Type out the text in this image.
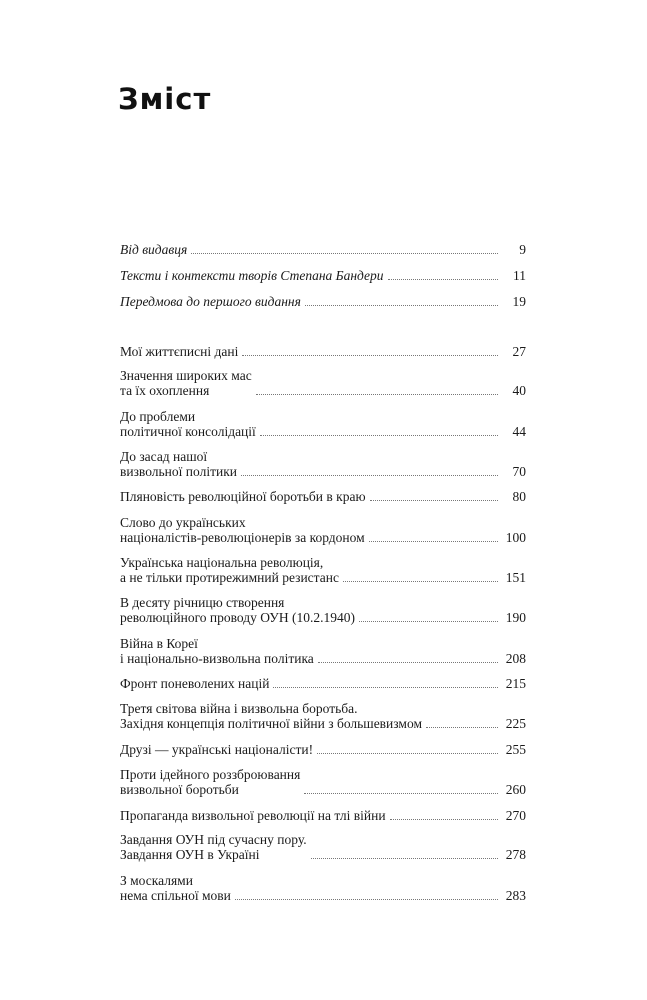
Зміст
Від видавця	9
Тексти і контексти творів Степана Бандери	11
Передмова до першого видання	19
Мої життєписні дані	27
Значення широких мас
та їх охоплення	40
До проблеми
політичної консолідації	44
До засад нашої
визвольної політики	70
Пляновість революційної боротьби в краю	80
Слово до українських
націоналістів-революціонерів за кордоном	100
Українська національна революція,
а не тільки протирежимний резистанс	151
В десяту річницю створення
революційного проводу ОУН (10.2.1940)	190
Війна в Кореї
і національно-визвольна політика	208
Фронт поневолених націй	215
Третя світова війна і визвольна боротьба.
Західня концепція політичної війни з большевизмом	225
Друзі — українські націоналісти!	255
Проти ідейного роззброювання
визвольної боротьби	260
Пропаганда визвольної революції на тлі війни	270
Завдання ОУН під сучасну пору.
Завдання ОУН в Україні	278
З москалями
нема спільної мови	283
